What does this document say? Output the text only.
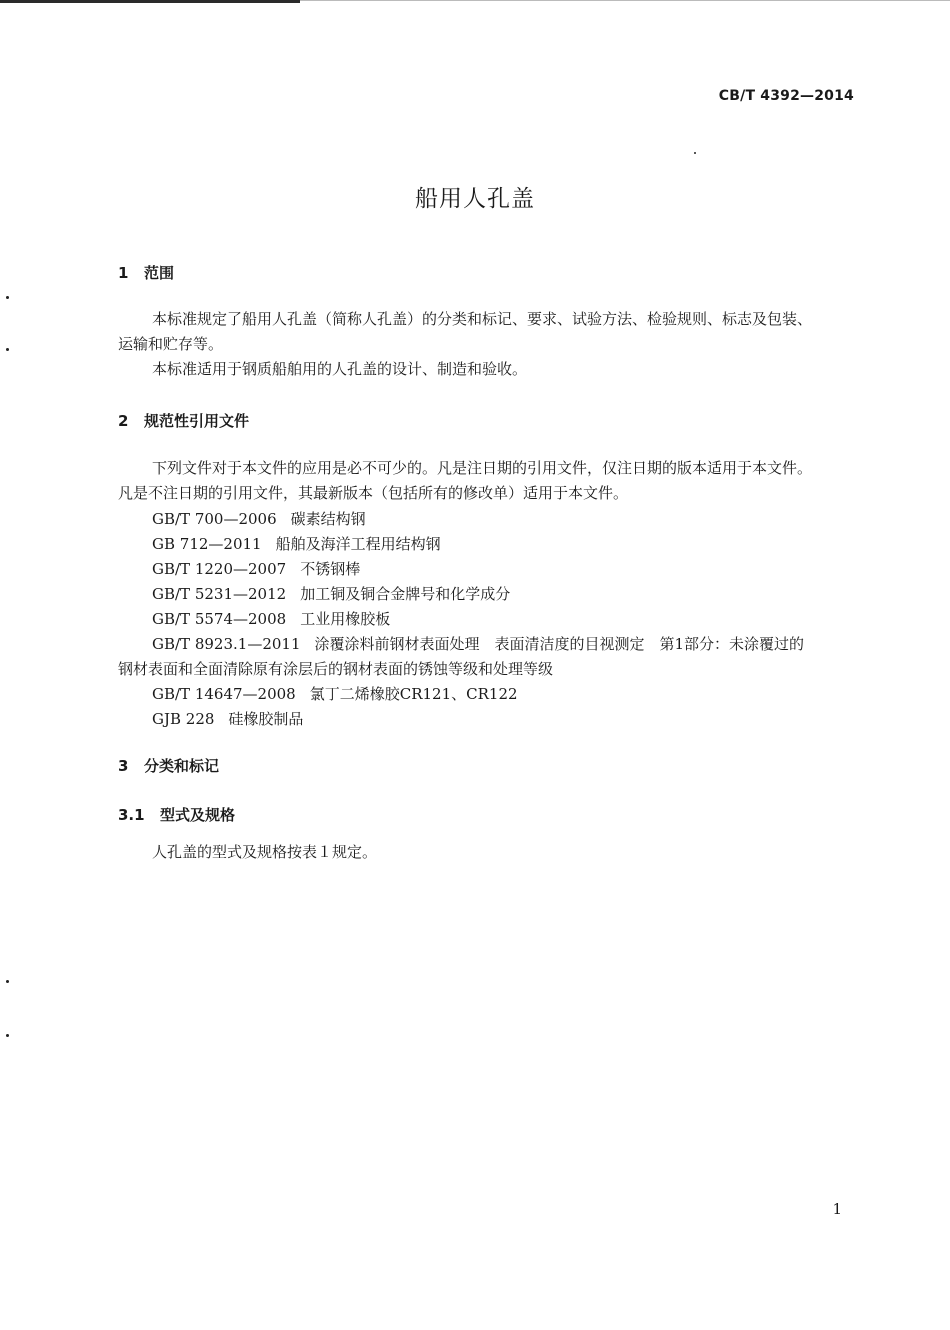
CB/T 4392—2014
船用人孔盖
1 范围
本标准规定了船用人孔盖（简称人孔盖）的分类和标记、要求、试验方法、检验规则、标志及包装、
运输和贮存等。
本标准适用于钢质船舶用的人孔盖的设计、制造和验收。
2 规范性引用文件
下列文件对于本文件的应用是必不可少的。凡是注日期的引用文件，仅注日期的版本适用于本文件。
凡是不注日期的引用文件，其最新版本（包括所有的修改单）适用于本文件。
GB/T 700—2006 碳素结构钢
GB 712—2011 船舶及海洋工程用结构钢
GB/T 1220—2007 不锈钢棒
GB/T 5231—2012 加工铜及铜合金牌号和化学成分
GB/T 5574—2008 工业用橡胶板
GB/T 8923.1—2011 涂覆涂料前钢材表面处理　表面清洁度的目视测定　第1部分：未涂覆过的
钢材表面和全面清除原有涂层后的钢材表面的锈蚀等级和处理等级
GB/T 14647—2008 氯丁二烯橡胶CR121、CR122
GJB 228 硅橡胶制品
3 分类和标记
3.1 型式及规格
人孔盖的型式及规格按表１规定。
1
